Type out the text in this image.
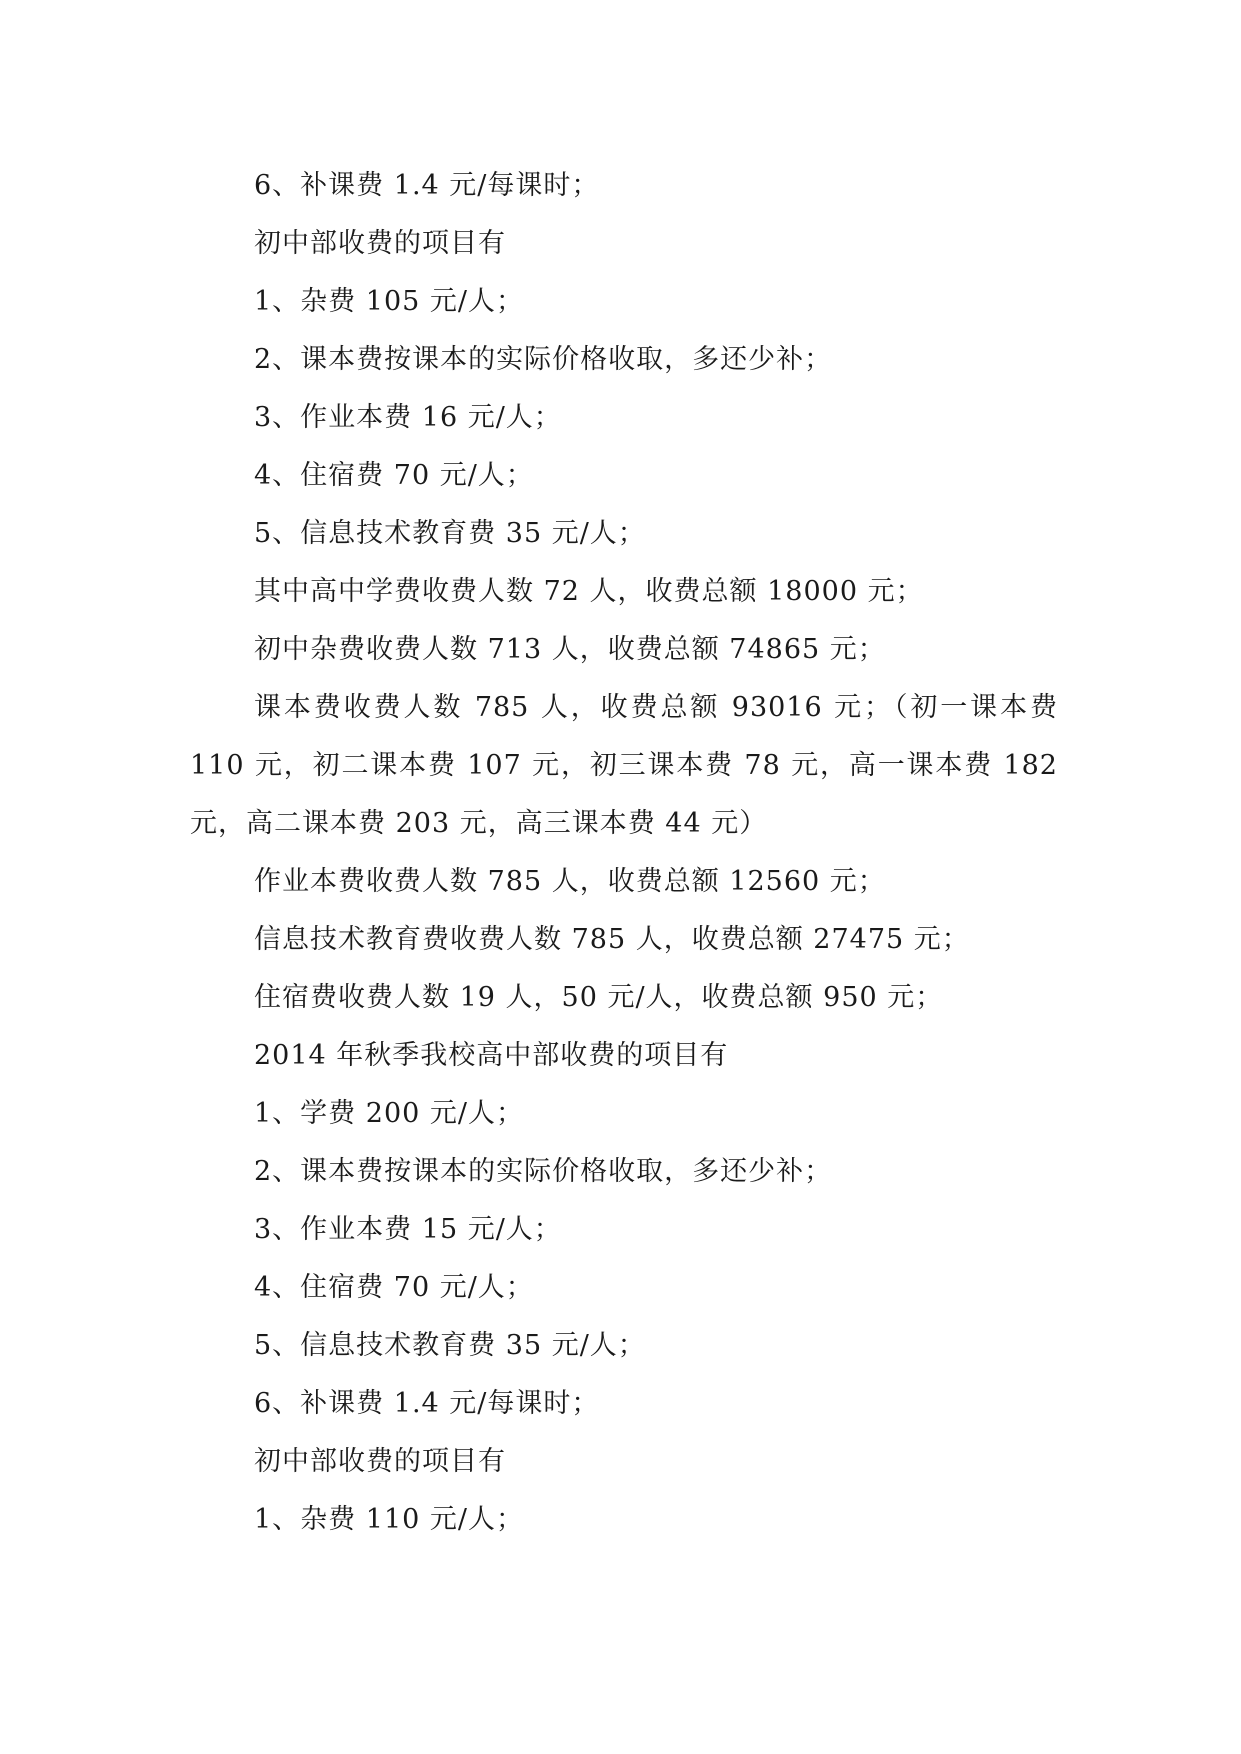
6、补课费 1.4 元/每课时；

初中部收费的项目有

1、杂费 105 元/人；

2、课本费按课本的实际价格收取，多还少补；

3、作业本费 16 元/人；

4、住宿费 70 元/人；

5、信息技术教育费 35 元/人；

其中高中学费收费人数 72 人，收费总额 18000 元；

初中杂费收费人数 713 人，收费总额 74865 元；

课本费收费人数 785 人，收费总额 93016 元；（初一课本费 110 元，初二课本费 107 元，初三课本费 78 元，高一课本费 182 元，高二课本费 203 元，高三课本费 44 元）

作业本费收费人数 785 人，收费总额 12560 元；

信息技术教育费收费人数 785 人，收费总额 27475 元；

住宿费收费人数 19 人，50 元/人，收费总额 950 元；

2014 年秋季我校高中部收费的项目有

1、学费 200 元/人；

2、课本费按课本的实际价格收取，多还少补；

3、作业本费 15 元/人；

4、住宿费 70 元/人；

5、信息技术教育费 35 元/人；

6、补课费 1.4 元/每课时；

初中部收费的项目有

1、杂费 110 元/人；
